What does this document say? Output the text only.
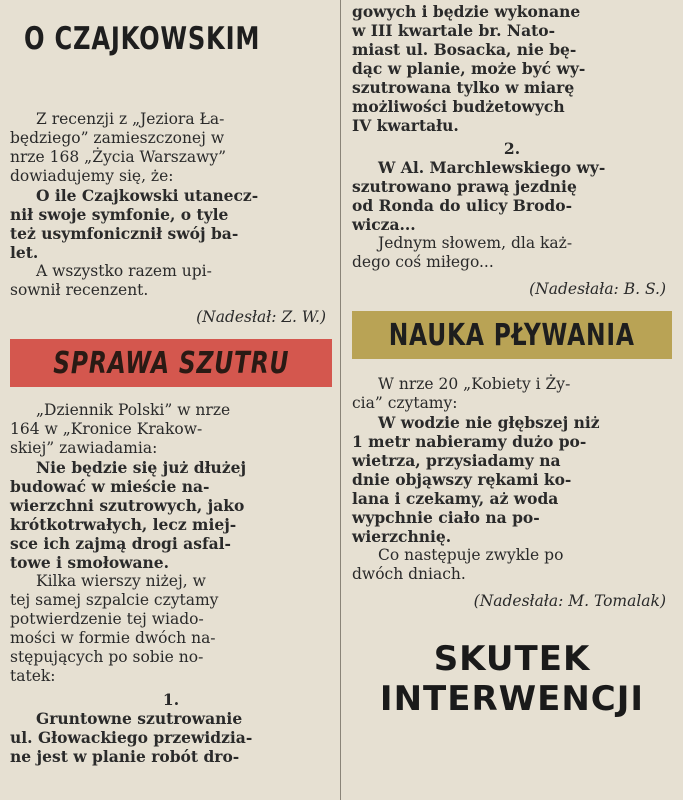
O CZAJKOWSKIM

Z recenzji z „Jeziora Ła-

będziego” zamieszczonej w

nrze 168 „Życia Warszawy”

dowiadujemy się, że:

O ile Czajkowski utanecz-

nił swoje symfonie, o tyle

też usymfonicznił swój ba-

let.

A wszystko razem upi-

sownił recenzent.

(Nadesłał: Z. W.)

SPRAWA SZUTRU

„Dziennik Polski” w nrze

164 w „Kronice Krakow-

skiej” zawiadamia:

Nie będzie się już dłużej

budować w mieście na-

wierzchni szutrowych, jako

krótkotrwałych, lecz miej-

sce ich zajmą drogi asfal-

towe i smołowane.

Kilka wierszy niżej, w

tej samej szpalcie czytamy

potwierdzenie tej wiado-

mości w formie dwóch na-

stępujących po sobie no-

tatek:

1.

Gruntowne szutrowanie

ul. Głowackiego przewidzia-

ne jest w planie robót dro-

gowych i będzie wykonane

w III kwartale br. Nato-

miast ul. Bosacka, nie bę-

dąc w planie, może być wy-

szutrowana tylko w miarę

możliwości budżetowych

IV kwartału.

2.

W Al. Marchlewskiego wy-

szutrowano prawą jezdnię

od Ronda do ulicy Brodo-

wicza...

Jednym słowem, dla każ-

dego coś miłego...

(Nadesłała: B. S.)

NAUKA PŁYWANIA

W nrze 20 „Kobiety i Ży-

cia” czytamy:

W wodzie nie głębszej niż

1 metr nabieramy dużo po-

wietrza, przysiadamy na

dnie objąwszy rękami ko-

lana i czekamy, aż woda

wypchnie ciało na po-

wierzchnię.

Co następuje zwykle po

dwóch dniach.

(Nadesłała: M. Tomalak)

SKUTEK
INTERWENCJI
